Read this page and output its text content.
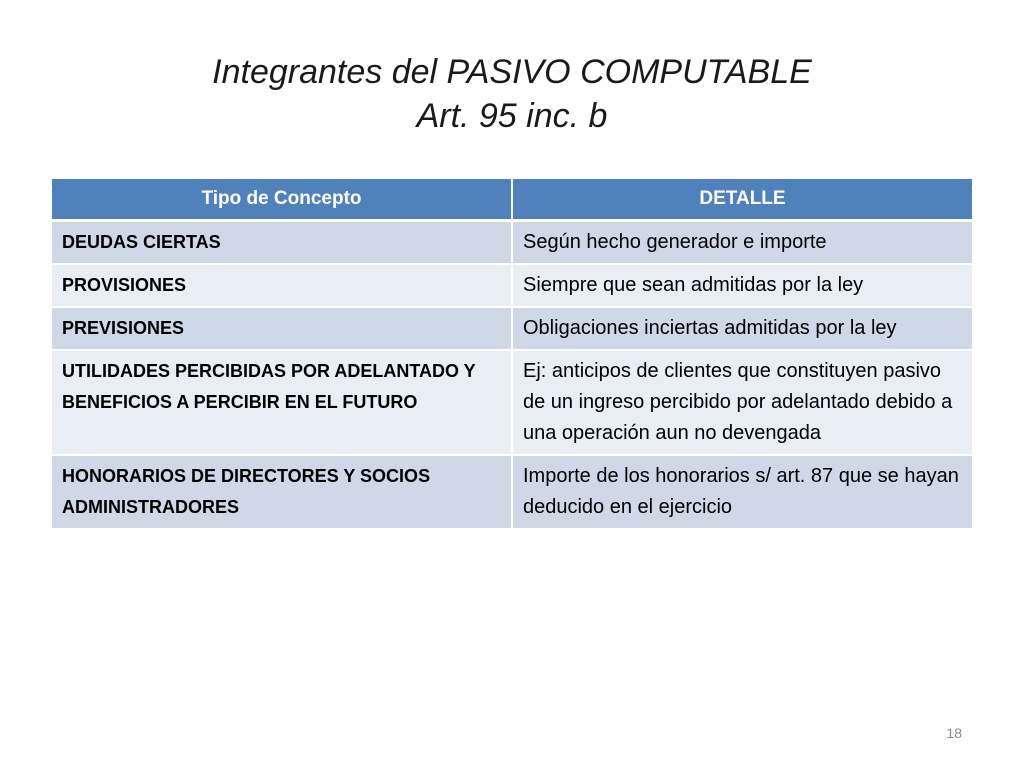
Integrantes del PASIVO COMPUTABLE
Art. 95 inc. b
Tipo de Concepto	DETALLE
DEUDAS CIERTAS	Según hecho generador e importe
PROVISIONES	Siempre que sean admitidas por la ley
PREVISIONES	Obligaciones inciertas admitidas por la ley
UTILIDADES PERCIBIDAS POR ADELANTADO Y BENEFICIOS A PERCIBIR EN EL FUTURO	Ej: anticipos de clientes que constituyen pasivo de un ingreso percibido por adelantado debido a una operación aun no devengada
HONORARIOS DE DIRECTORES Y SOCIOS ADMINISTRADORES	Importe de los honorarios s/ art. 87 que se hayan deducido en el ejercicio
18
